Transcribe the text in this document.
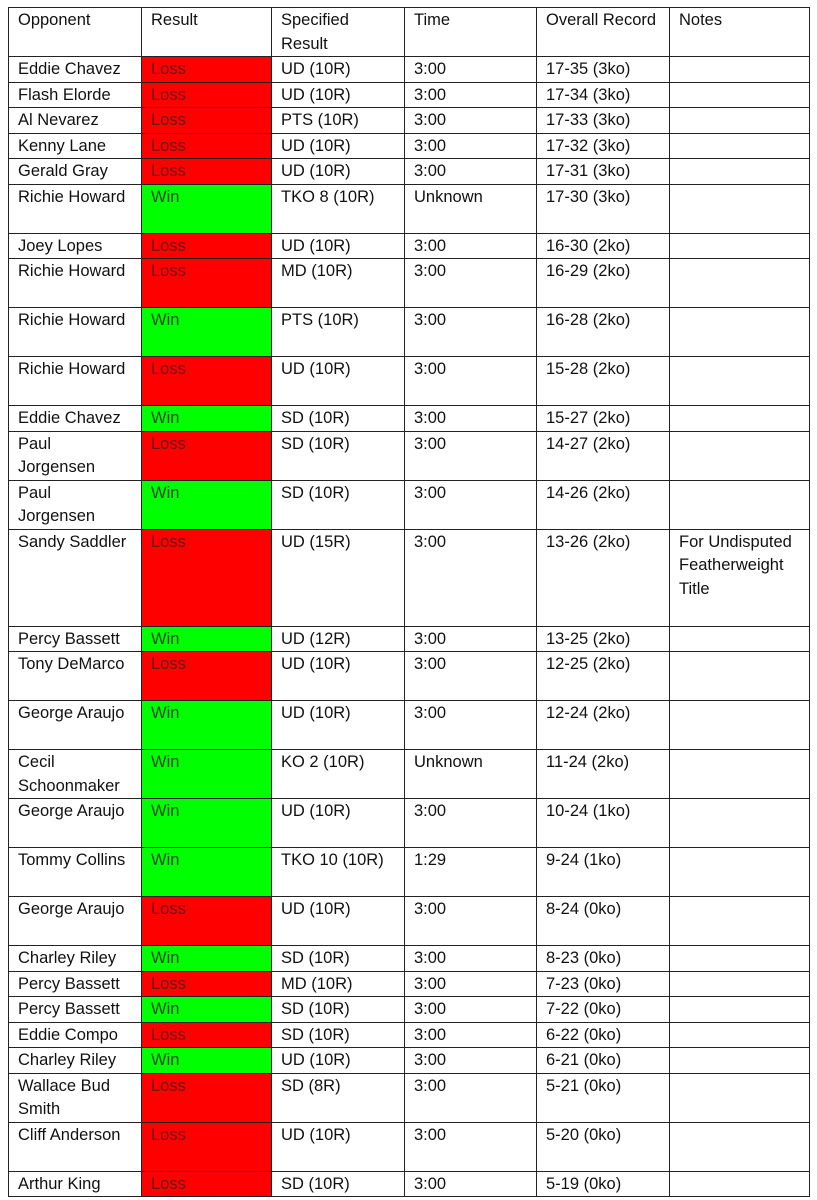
Opponent	Result	Specified Result	Time	Overall Record	Notes
Eddie Chavez	Loss	UD (10R)	3:00	17-35 (3ko)	
Flash Elorde	Loss	UD (10R)	3:00	17-34 (3ko)	
Al Nevarez	Loss	PTS (10R)	3:00	17-33 (3ko)	
Kenny Lane	Loss	UD (10R)	3:00	17-32 (3ko)	
Gerald Gray	Loss	UD (10R)	3:00	17-31 (3ko)	
Richie Howard	Win	TKO 8 (10R)	Unknown	17-30 (3ko)	
Joey Lopes	Loss	UD (10R)	3:00	16-30 (2ko)	
Richie Howard	Loss	MD (10R)	3:00	16-29 (2ko)	
Richie Howard	Win	PTS (10R)	3:00	16-28 (2ko)	
Richie Howard	Loss	UD (10R)	3:00	15-28 (2ko)	
Eddie Chavez	Win	SD (10R)	3:00	15-27 (2ko)	
Paul Jorgensen	Loss	SD (10R)	3:00	14-27 (2ko)	
Paul Jorgensen	Win	SD (10R)	3:00	14-26 (2ko)	
Sandy Saddler	Loss	UD (15R)	3:00	13-26 (2ko)	For Undisputed Featherweight Title
Percy Bassett	Win	UD (12R)	3:00	13-25 (2ko)	
Tony DeMarco	Loss	UD (10R)	3:00	12-25 (2ko)	
George Araujo	Win	UD (10R)	3:00	12-24 (2ko)	
Cecil Schoonmaker	Win	KO 2 (10R)	Unknown	11-24 (2ko)	
George Araujo	Win	UD (10R)	3:00	10-24 (1ko)	
Tommy Collins	Win	TKO 10 (10R)	1:29	9-24 (1ko)	
George Araujo	Loss	UD (10R)	3:00	8-24 (0ko)	
Charley Riley	Win	SD (10R)	3:00	8-23 (0ko)	
Percy Bassett	Loss	MD (10R)	3:00	7-23 (0ko)	
Percy Bassett	Win	SD (10R)	3:00	7-22 (0ko)	
Eddie Compo	Loss	SD (10R)	3:00	6-22 (0ko)	
Charley Riley	Win	UD (10R)	3:00	6-21 (0ko)	
Wallace Bud Smith	Loss	SD (8R)	3:00	5-21 (0ko)	
Cliff Anderson	Loss	UD (10R)	3:00	5-20 (0ko)	
Arthur King	Loss	SD (10R)	3:00	5-19 (0ko)	
